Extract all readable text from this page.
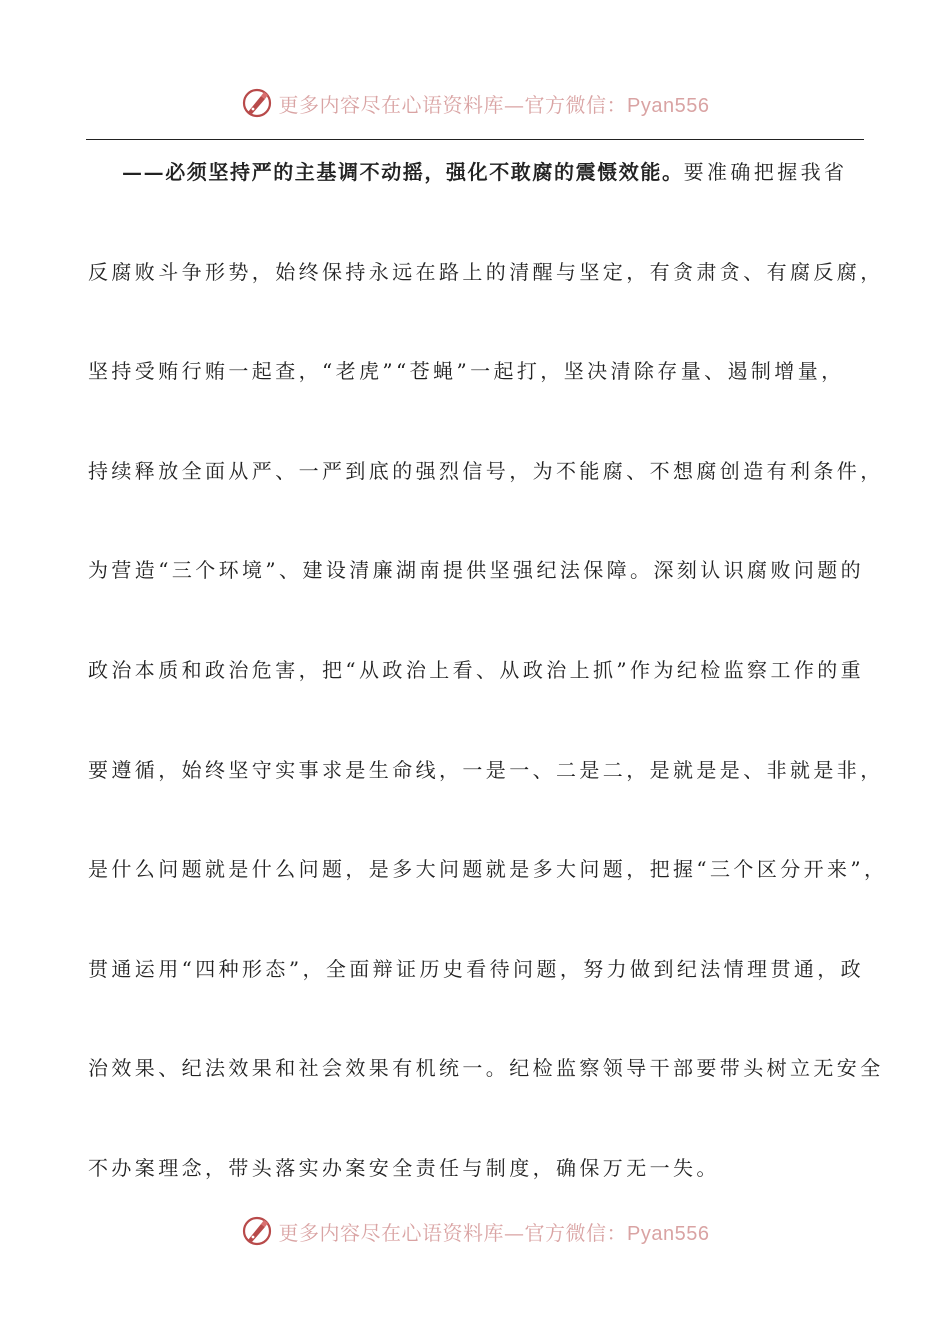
更多内容尽在心语资料库—官方微信：Pyan556
——必须坚持严的主基调不动摇，强化不敢腐的震慑效能。要准确把握我省
反腐败斗争形势，始终保持永远在路上的清醒与坚定，有贪肃贪、有腐反腐，
坚持受贿行贿一起查，“老虎”“苍蝇”一起打，坚决清除存量、遏制增量，
持续释放全面从严、一严到底的强烈信号，为不能腐、不想腐创造有利条件，
为营造“三个环境”、建设清廉湖南提供坚强纪法保障。深刻认识腐败问题的
政治本质和政治危害，把“从政治上看、从政治上抓”作为纪检监察工作的重
要遵循，始终坚守实事求是生命线，一是一、二是二，是就是是、非就是非，
是什么问题就是什么问题，是多大问题就是多大问题，把握“三个区分开来”，
贯通运用“四种形态”，全面辩证历史看待问题，努力做到纪法情理贯通，政
治效果、纪法效果和社会效果有机统一。纪检监察领导干部要带头树立无安全
不办案理念，带头落实办案安全责任与制度，确保万无一失。
更多内容尽在心语资料库—官方微信：Pyan556
